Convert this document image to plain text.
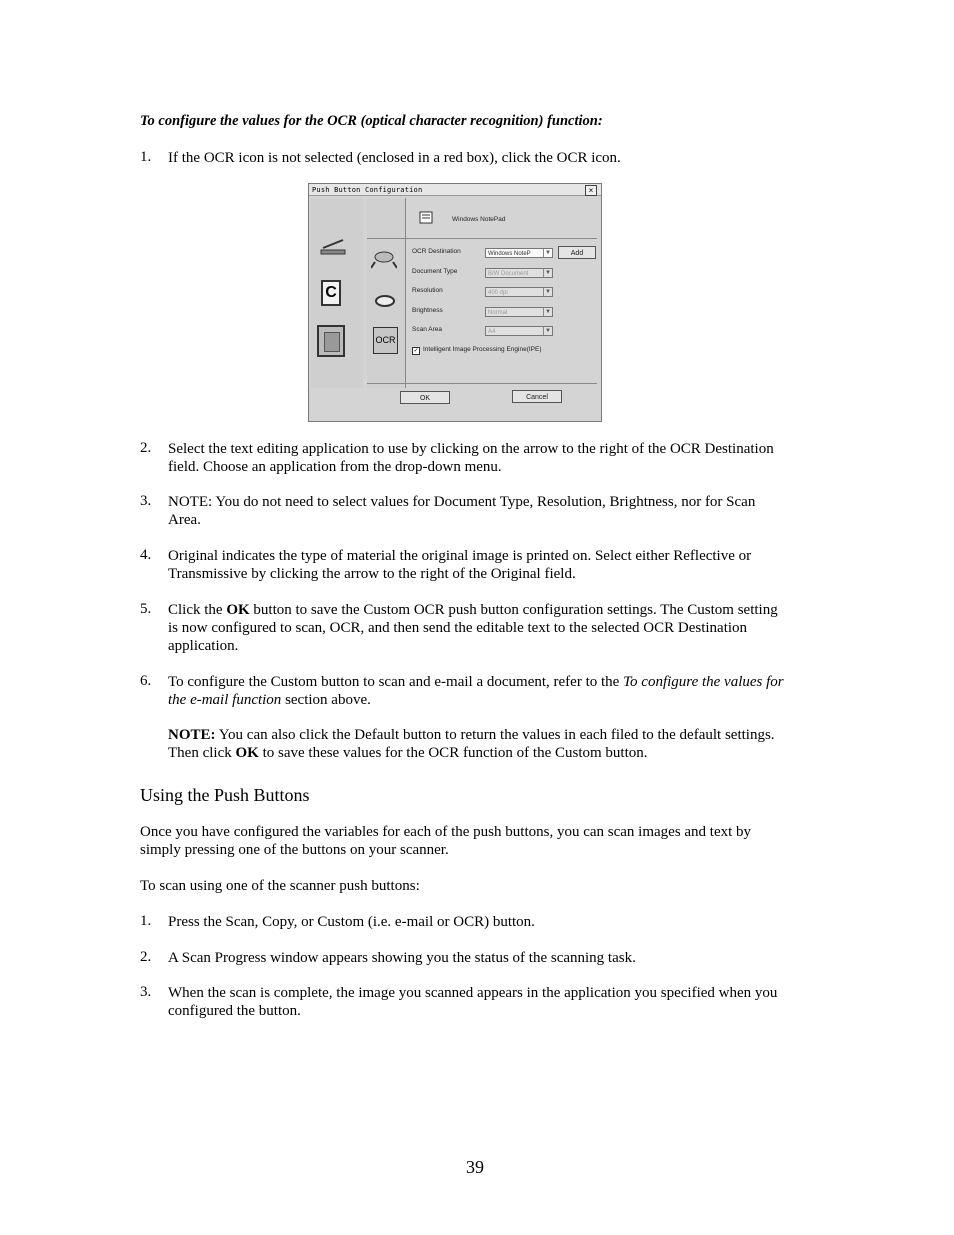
To configure the values for the OCR (optical character recognition) function:
1.	If the OCR icon is not selected (enclosed in a red box), click the OCR icon.
Push Button Configuration	×
C
OCR
Windows NotePad
OCR Destination	Windows NoteP	▼	Add
Document Type	B/W Document	▼
Resolution	400 dpi	▼
Brightness	Normal	▼
Scan Area	A4	▼
✓ Intelligent Image Processing Engine(IPE)
OK	Cancel
2.	Select the text editing application to use by clicking on the arrow to the right of the OCR Destination
field. Choose an application from the drop-down menu.
3.	NOTE: You do not need to select values for Document Type, Resolution, Brightness, nor for Scan
Area.
4.	Original indicates the type of material the original image is printed on. Select either Reflective or
Transmissive by clicking the arrow to the right of the Original field.
5.	Click the OK button to save the Custom OCR push button configuration settings. The Custom setting
is now configured to scan, OCR, and then send the editable text to the selected OCR Destination
application.
6.	To configure the Custom button to scan and e-mail a document, refer to the To configure the values for
the e-mail function section above.
NOTE: You can also click the Default button to return the values in each filed to the default settings.
Then click OK to save these values for the OCR function of the Custom button.
Using the Push Buttons
Once you have configured the variables for each of the push buttons, you can scan images and text by
simply pressing one of the buttons on your scanner.
To scan using one of the scanner push buttons:
1.	Press the Scan, Copy, or Custom (i.e. e-mail or OCR) button.
2.	A Scan Progress window appears showing you the status of the scanning task.
3.	When the scan is complete, the image you scanned appears in the application you specified when you
configured the button.
39
